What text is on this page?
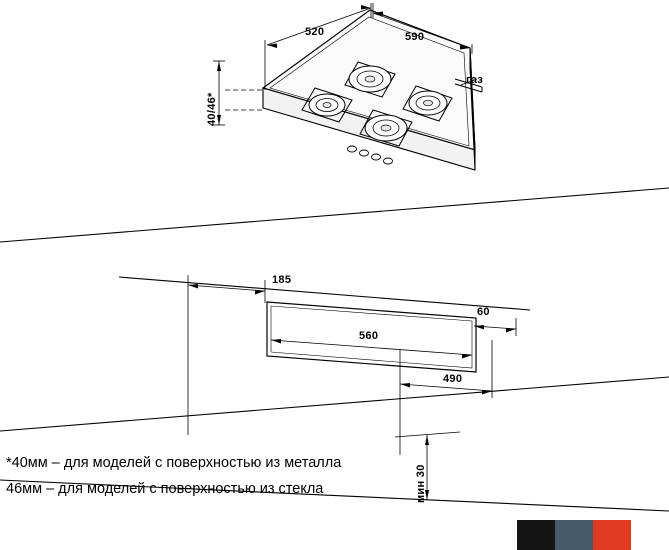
520	590
40/46*
газ
185
560
490
60
мин 30
*40мм – для моделей с поверхностью из металла
46мм – для моделей с поверхностью из стекла
